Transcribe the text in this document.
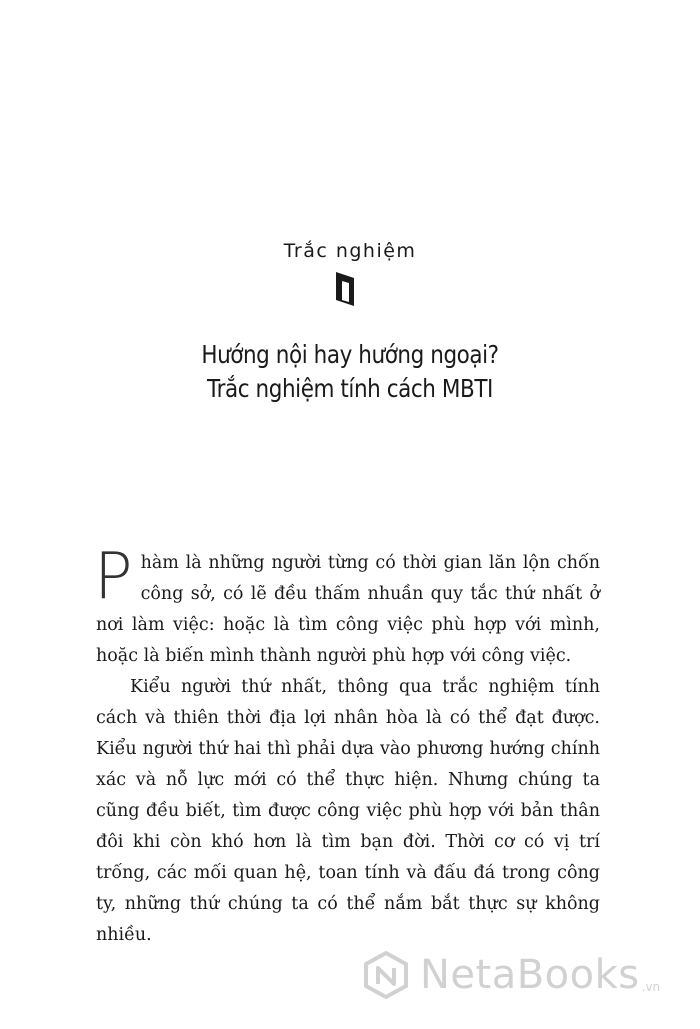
Trắc nghiệm
Hướng nội hay hướng ngoại?
Trắc nghiệm tính cách MBTI

Phàm là những người từng có thời gian lăn lộn chốn công sở, có lẽ đều thấm nhuần quy tắc thứ nhất ở nơi làm việc: hoặc là tìm công việc phù hợp với mình, hoặc là biến mình thành người phù hợp với công việc.

Kiểu người thứ nhất, thông qua trắc nghiệm tính cách và thiên thời địa lợi nhân hòa là có thể đạt được. Kiểu người thứ hai thì phải dựa vào phương hướng chính xác và nỗ lực mới có thể thực hiện. Nhưng chúng ta cũng đều biết, tìm được công việc phù hợp với bản thân đôi khi còn khó hơn là tìm bạn đời. Thời cơ có vị trí trống, các mối quan hệ, toan tính và đấu đá trong công ty, những thứ chúng ta có thể nắm bắt thực sự không nhiều.

NetaBooks .vn
